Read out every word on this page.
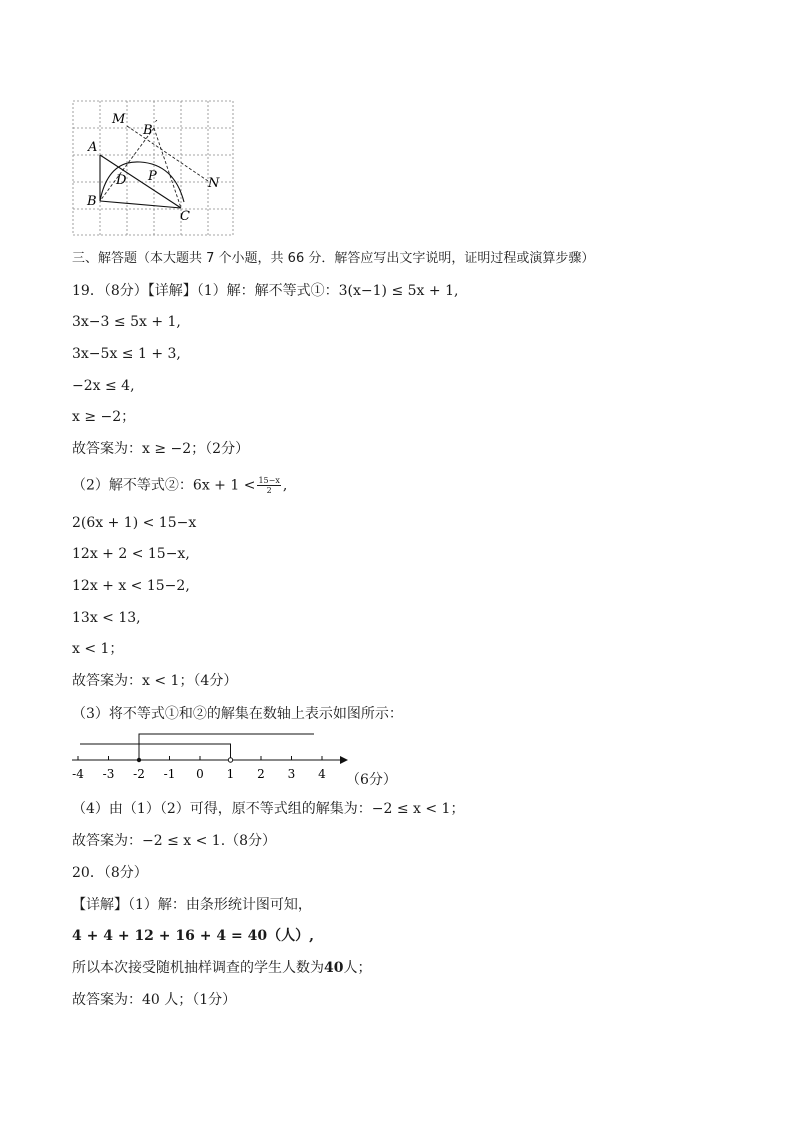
M
B ′
A
D P	N
B
C
三、解答题（本大题共 7 个小题，共 66 分．解答应写出文字说明，证明过程或演算步骤）
19．（8分）【详解】（1）解：解不等式①：3(x−1) ≤ 5x + 1,
3x−3 ≤ 5x + 1,
3x−5x ≤ 1 + 3,
−2x ≤ 4,
x ≥ −2；
故答案为：x ≥ −2；（2分）
（2）解不等式②：$6x + 1 < \frac{15-x}{2}$ ,
2(6x + 1) < 15−x
12x + 2 < 15−x,
12x + x < 15−2,
13x < 13,
x < 1；
故答案为：x < 1；（4分）
（3）将不等式①和②的解集在数轴上表示如图所示：
-4 -3 -2 -1 0 1 2 3 4 （6分）
（4）由（1）（2）可得，原不等式组的解集为：−2 ≤ x < 1；
故答案为：−2 ≤ x < 1.（8分）
20．（8分）
【详解】（1）解：由条形统计图可知，
4 + 4 + 12 + 16 + 4 = 40（人）,
所以本次接受随机抽样调查的学生人数为40人；
故答案为：40 人；（1分）
